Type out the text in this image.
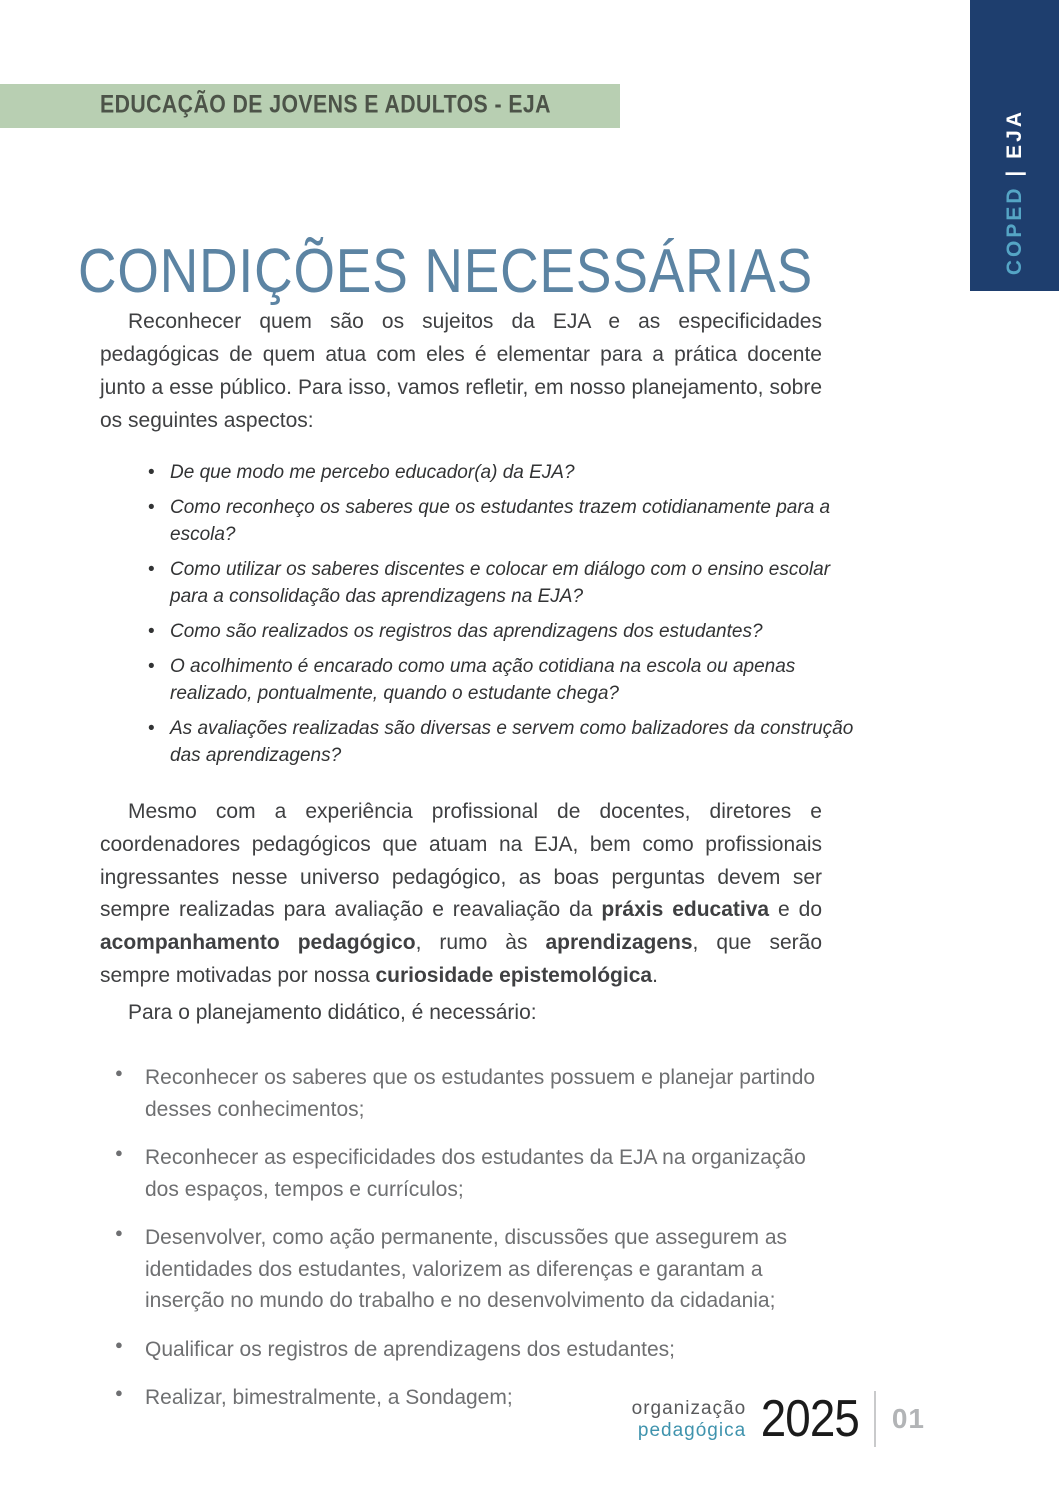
COPED | EJA
EDUCAÇÃO DE JOVENS E ADULTOS - EJA
CONDIÇÕES NECESSÁRIAS

Reconhecer quem são os sujeitos da EJA e as especificidades pedagógicas de quem atua com eles é elementar para a prática docente junto a esse público. Para isso, vamos refletir, em nosso planejamento, sobre os seguintes aspectos:

• De que modo me percebo educador(a) da EJA?
• Como reconheço os saberes que os estudantes trazem cotidianamente para a escola?
• Como utilizar os saberes discentes e colocar em diálogo com o ensino escolar para a consolidação das aprendizagens na EJA?
• Como são realizados os registros das aprendizagens dos estudantes?
• O acolhimento é encarado como uma ação cotidiana na escola ou apenas realizado, pontualmente, quando o estudante chega?
• As avaliações realizadas são diversas e servem como balizadores da construção das aprendizagens?

Mesmo com a experiência profissional de docentes, diretores e coordenadores pedagógicos que atuam na EJA, bem como profissionais ingressantes nesse universo pedagógico, as boas perguntas devem ser sempre realizadas para avaliação e reavaliação da práxis educativa e do acompanhamento pedagógico, rumo às aprendizagens, que serão sempre motivadas por nossa curiosidade epistemológica.

Para o planejamento didático, é necessário:

● Reconhecer os saberes que os estudantes possuem e planejar partindo desses conhecimentos;
● Reconhecer as especificidades dos estudantes da EJA na organização dos espaços, tempos e currículos;
● Desenvolver, como ação permanente, discussões que assegurem as identidades dos estudantes, valorizem as diferenças e garantam a inserção no mundo do trabalho e no desenvolvimento da cidadania;
● Qualificar os registros de aprendizagens dos estudantes;
● Realizar, bimestralmente, a Sondagem;	organização
pedagógica 2025 01
